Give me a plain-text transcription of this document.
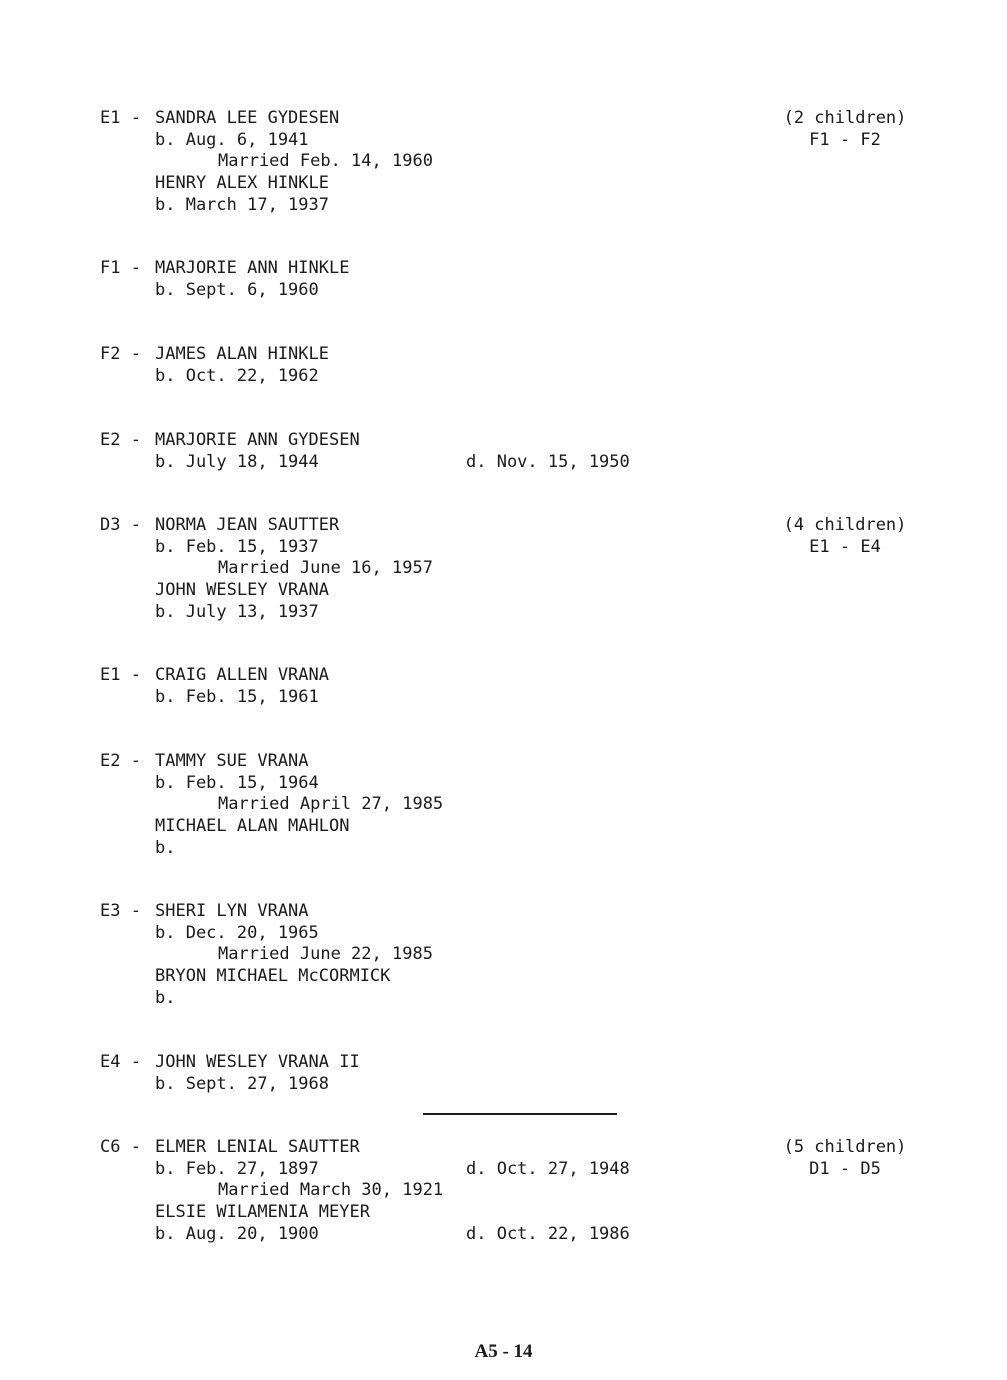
E1 - SANDRA LEE GYDESEN	(2 children)
b. Aug. 6, 1941	F1 - F2
Married Feb. 14, 1960
HENRY ALEX HINKLE
b. March 17, 1937
F1 - MARJORIE ANN HINKLE
b. Sept. 6, 1960
F2 - JAMES ALAN HINKLE
b. Oct. 22, 1962
E2 - MARJORIE ANN GYDESEN
b. July 18, 1944	d. Nov. 15, 1950
D3 - NORMA JEAN SAUTTER	(4 children)
b. Feb. 15, 1937	E1 - E4
Married June 16, 1957
JOHN WESLEY VRANA
b. July 13, 1937
E1 - CRAIG ALLEN VRANA
b. Feb. 15, 1961
E2 - TAMMY SUE VRANA
b. Feb. 15, 1964
Married April 27, 1985
MICHAEL ALAN MAHLON
b.
E3 - SHERI LYN VRANA
b. Dec. 20, 1965
Married June 22, 1985
BRYON MICHAEL McCORMICK
b.
E4 - JOHN WESLEY VRANA II
b. Sept. 27, 1968
C6 - ELMER LENIAL SAUTTER	(5 children)
b. Feb. 27, 1897	d. Oct. 27, 1948	D1 - D5
Married March 30, 1921
ELSIE WILAMENIA MEYER
b. Aug. 20, 1900	d. Oct. 22, 1986
A5 - 14
